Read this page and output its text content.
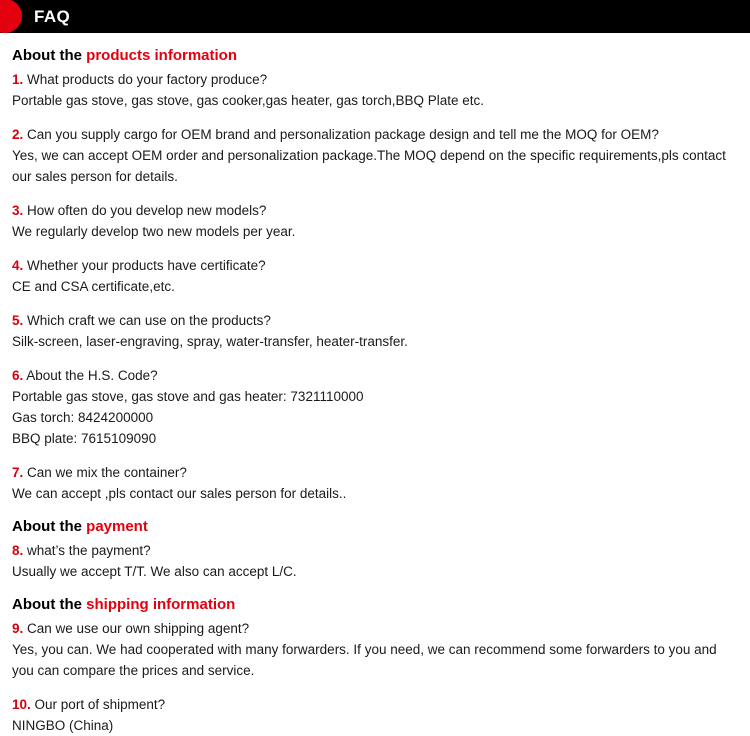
FAQ
About the products information
1. What products do your factory produce?
Portable gas stove, gas stove, gas cooker,gas heater, gas torch,BBQ Plate etc.
2. Can you supply cargo for OEM brand and personalization package design and tell me the MOQ for OEM?
Yes, we can accept OEM order and personalization package.The MOQ depend on the specific requirements,pls contact our sales person for details.
3. How often do you develop new models?
We regularly develop two new models per year.
4. Whether your products have certificate?
CE and CSA certificate,etc.
5. Which craft we can use on the products?
Silk-screen, laser-engraving, spray, water-transfer, heater-transfer.
6. About the H.S. Code?
Portable gas stove, gas stove and gas heater: 7321110000
Gas torch: 8424200000
BBQ plate: 7615109090
7. Can we mix the container?
We can accept ,pls contact our sales person for details..
About the payment
8. what’s the payment?
Usually we accept T/T. We also can accept L/C.
About the shipping information
9. Can we use our own shipping agent?
Yes, you can. We had cooperated with many forwarders. If you need, we can recommend some forwarders to you and you can compare the prices and service.
10. Our port of shipment?
NINGBO (China)
